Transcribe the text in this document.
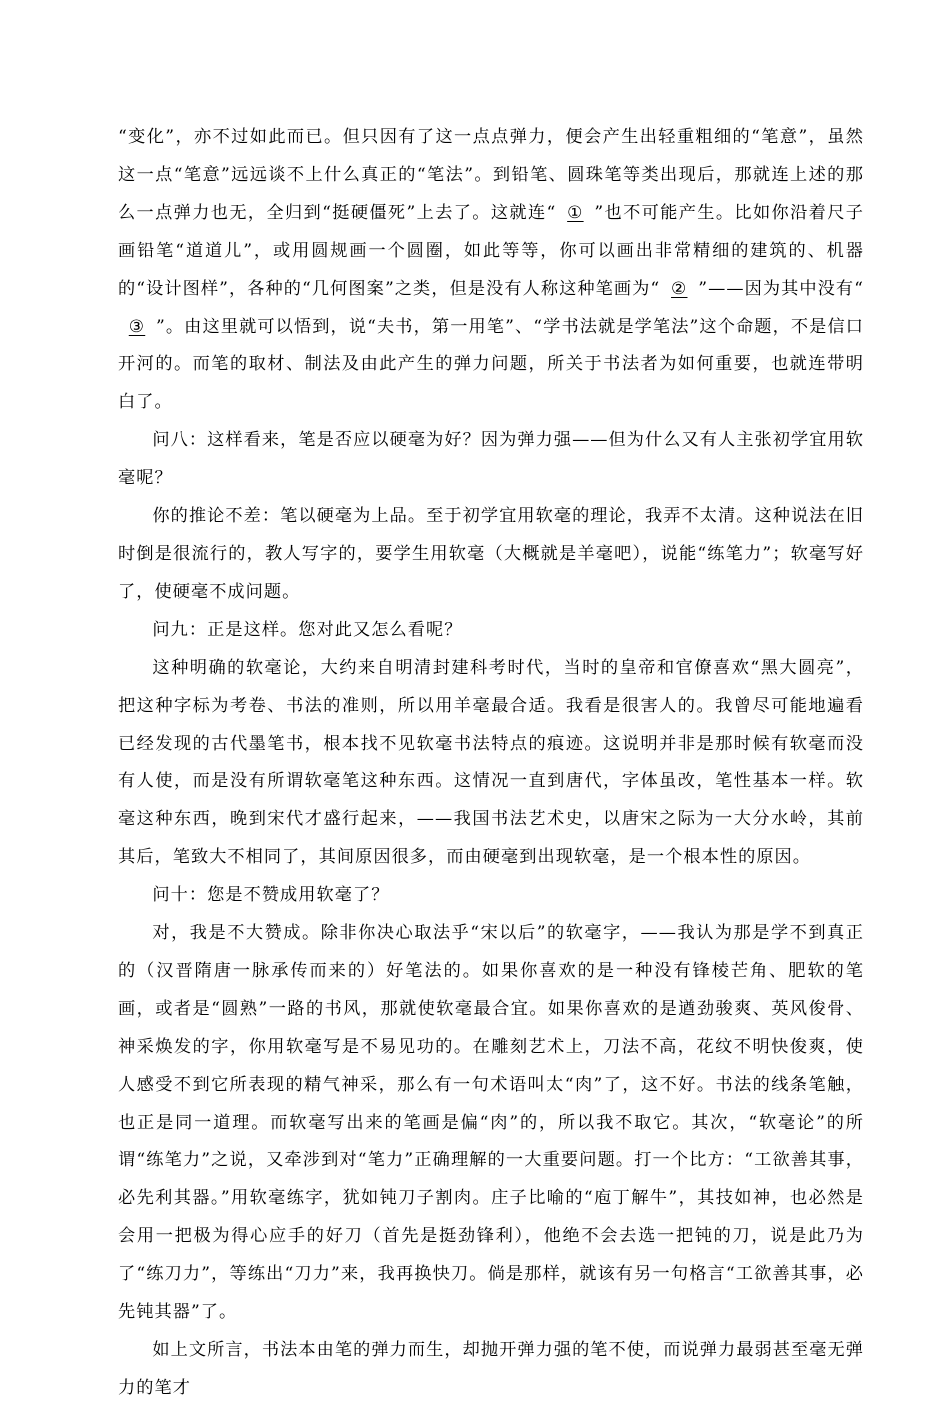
“变化”，亦不过如此而已。但只因有了这一点点弹力，便会产生出轻重粗细的“笔意”，虽然这一点“笔意”远远谈不上什么真正的“笔法”。到铅笔、圆珠笔等类出现后，那就连上述的那么一点弹力也无，全归到“挺硬僵死”上去了。这就连“ ① ”也不可能产生。比如你沿着尺子画铅笔“道道儿”，或用圆规画一个圆圈，如此等等，你可以画出非常精细的建筑的、机器的“设计图样”，各种的“几何图案”之类，但是没有人称这种笔画为“ ② ”——因为其中没有“③ ”。由这里就可以悟到，说“夫书，第一用笔”、“学书法就是学笔法”这个命题，不是信口开河的。而笔的取材、制法及由此产生的弹力问题，所关于书法者为如何重要，也就连带明白了。

问八：这样看来，笔是否应以硬毫为好？因为弹力强——但为什么又有人主张初学宜用软毫呢？

你的推论不差：笔以硬毫为上品。至于初学宜用软毫的理论，我弄不太清。这种说法在旧时倒是很流行的，教人写字的，要学生用软毫（大概就是羊毫吧），说能“练笔力”；软毫写好了，使硬毫不成问题。

问九：正是这样。您对此又怎么看呢？

这种明确的软毫论，大约来自明清封建科考时代，当时的皇帝和官僚喜欢“黑大圆亮”，把这种字标为考卷、书法的准则，所以用羊毫最合适。我看是很害人的。我曾尽可能地遍看已经发现的古代墨笔书，根本找不见软毫书法特点的痕迹。这说明并非是那时候有软毫而没有人使，而是没有所谓软毫笔这种东西。这情况一直到唐代，字体虽改，笔性基本一样。软毫这种东西，晚到宋代才盛行起来，——我国书法艺术史，以唐宋之际为一大分水岭，其前其后，笔致大不相同了，其间原因很多，而由硬毫到出现软毫，是一个根本性的原因。

问十：您是不赞成用软毫了？

对，我是不大赞成。除非你决心取法乎“宋以后”的软毫字，——我认为那是学不到真正的（汉晋隋唐一脉承传而来的）好笔法的。如果你喜欢的是一种没有锋棱芒角、肥软的笔画，或者是“圆熟”一路的书风，那就使软毫最合宜。如果你喜欢的是遒劲骏爽、英风俊骨、神采焕发的字，你用软毫写是不易见功的。在雕刻艺术上，刀法不高，花纹不明快俊爽，使人感受不到它所表现的精气神采，那么有一句术语叫太“肉”了，这不好。书法的线条笔触，也正是同一道理。而软毫写出来的笔画是偏“肉”的，所以我不取它。其次，“软毫论”的所谓“练笔力”之说，又牵涉到对“笔力”正确理解的一大重要问题。打一个比方：“工欲善其事，必先利其器。”用软毫练字，犹如钝刀子割肉。庄子比喻的“庖丁解牛”，其技如神，也必然是会用一把极为得心应手的好刀（首先是挺劲锋利），他绝不会去选一把钝的刀，说是此乃为了“练刀力”，等练出“刀力”来，我再换快刀。倘是那样，就该有另一句格言“工欲善其事，必先钝其器”了。

如上文所言，书法本由笔的弹力而生，却抛开弹力强的笔不使，而说弹力最弱甚至毫无弹力的笔才
